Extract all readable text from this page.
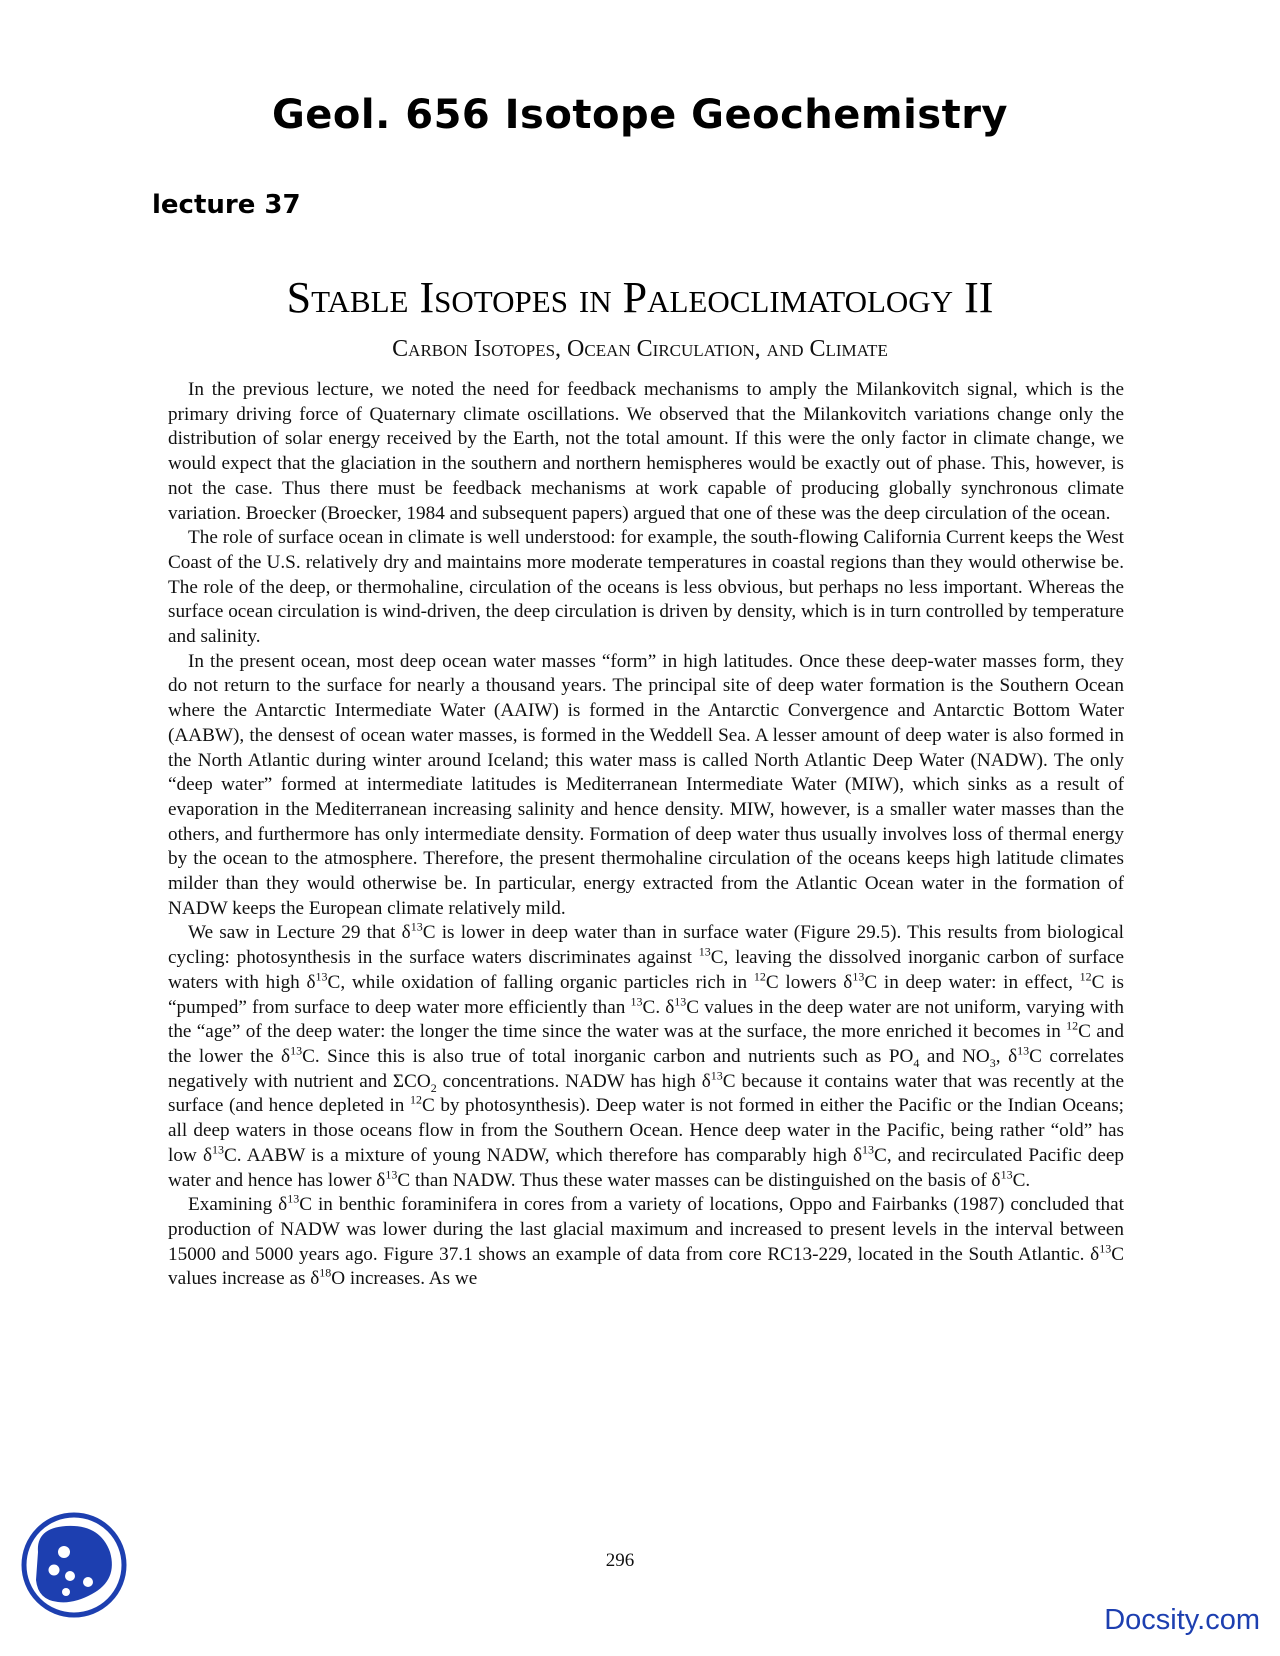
Geol. 656 Isotope Geochemistry
lecture 37
Stable Isotopes in Paleoclimatology II
Carbon Isotopes, Ocean Circulation, and Climate

In the previous lecture, we noted the need for feedback mechanisms to amply the Milankovitch signal, which is the primary driving force of Quaternary climate oscillations. We observed that the Milankovitch variations change only the distribution of solar energy received by the Earth, not the total amount. If this were the only factor in climate change, we would expect that the glaciation in the southern and northern hemispheres would be exactly out of phase. This, however, is not the case. Thus there must be feedback mechanisms at work capable of producing globally synchronous climate variation. Broecker (Broecker, 1984 and subsequent papers) argued that one of these was the deep circulation of the ocean.

The role of surface ocean in climate is well understood: for example, the south-flowing California Current keeps the West Coast of the U.S. relatively dry and maintains more moderate temperatures in coastal regions than they would otherwise be. The role of the deep, or thermohaline, circulation of the oceans is less obvious, but perhaps no less important. Whereas the surface ocean circulation is wind-driven, the deep circulation is driven by density, which is in turn controlled by temperature and salinity.

In the present ocean, most deep ocean water masses “form” in high latitudes. Once these deep-water masses form, they do not return to the surface for nearly a thousand years. The principal site of deep water formation is the Southern Ocean where the Antarctic Intermediate Water (AAIW) is formed in the Antarctic Convergence and Antarctic Bottom Water (AABW), the densest of ocean water masses, is formed in the Weddell Sea. A lesser amount of deep water is also formed in the North Atlantic during winter around Iceland; this water mass is called North Atlantic Deep Water (NADW). The only “deep water” formed at intermediate latitudes is Mediterranean Intermediate Water (MIW), which sinks as a result of evaporation in the Mediterranean increasing salinity and hence density. MIW, however, is a smaller water masses than the others, and furthermore has only intermediate density. Formation of deep water thus usually involves loss of thermal energy by the ocean to the atmosphere. Therefore, the present thermohaline circulation of the oceans keeps high latitude climates milder than they would otherwise be. In particular, energy extracted from the Atlantic Ocean water in the formation of NADW keeps the European climate relatively mild.

We saw in Lecture 29 that $\delta^{13}C$ is lower in deep water than in surface water (Figure 29.5). This results from biological cycling: photosynthesis in the surface waters discriminates against $^{13}$C, leaving the dissolved inorganic carbon of surface waters with high $\delta^{13}C$, while oxidation of falling organic particles rich in $^{12}$C lowers $\delta^{13}C$ in deep water: in effect, $^{12}$C is “pumped” from surface to deep water more efficiently than $^{13}$C. $\delta^{13}C$ values in the deep water are not uniform, varying with the “age” of the deep water: the longer the time since the water was at the surface, the more enriched it becomes in $^{12}$C and the lower the $\delta^{13}C$. Since this is also true of total inorganic carbon and nutrients such as $PO_4$ and $NO_3$, $\delta^{13}C$ correlates negatively with nutrient and $\Sigma CO_2$ concentrations. NADW has high $\delta^{13}C$ because it contains water that was recently at the surface (and hence depleted in $^{12}$C by photosynthesis). Deep water is not formed in either the Pacific or the Indian Oceans; all deep waters in those oceans flow in from the Southern Ocean. Hence deep water in the Pacific, being rather “old” has low $\delta^{13}C$. AABW is a mixture of young NADW, which therefore has comparably high $\delta^{13}C$, and recirculated Pacific deep water and hence has lower $\delta^{13}C$ than NADW. Thus these water masses can be distinguished on the basis of $\delta^{13}C$.

Examining $\delta^{13}C$ in benthic foraminifera in cores from a variety of locations, Oppo and Fairbanks (1987) concluded that production of NADW was lower during the last glacial maximum and increased to present levels in the interval between 15000 and 5000 years ago. Figure 37.1 shows an example of data from core RC13-229, located in the South Atlantic. $\delta^{13}C$ values increase as $\delta^{18}O$ increases. As we

296
Docsity.com
